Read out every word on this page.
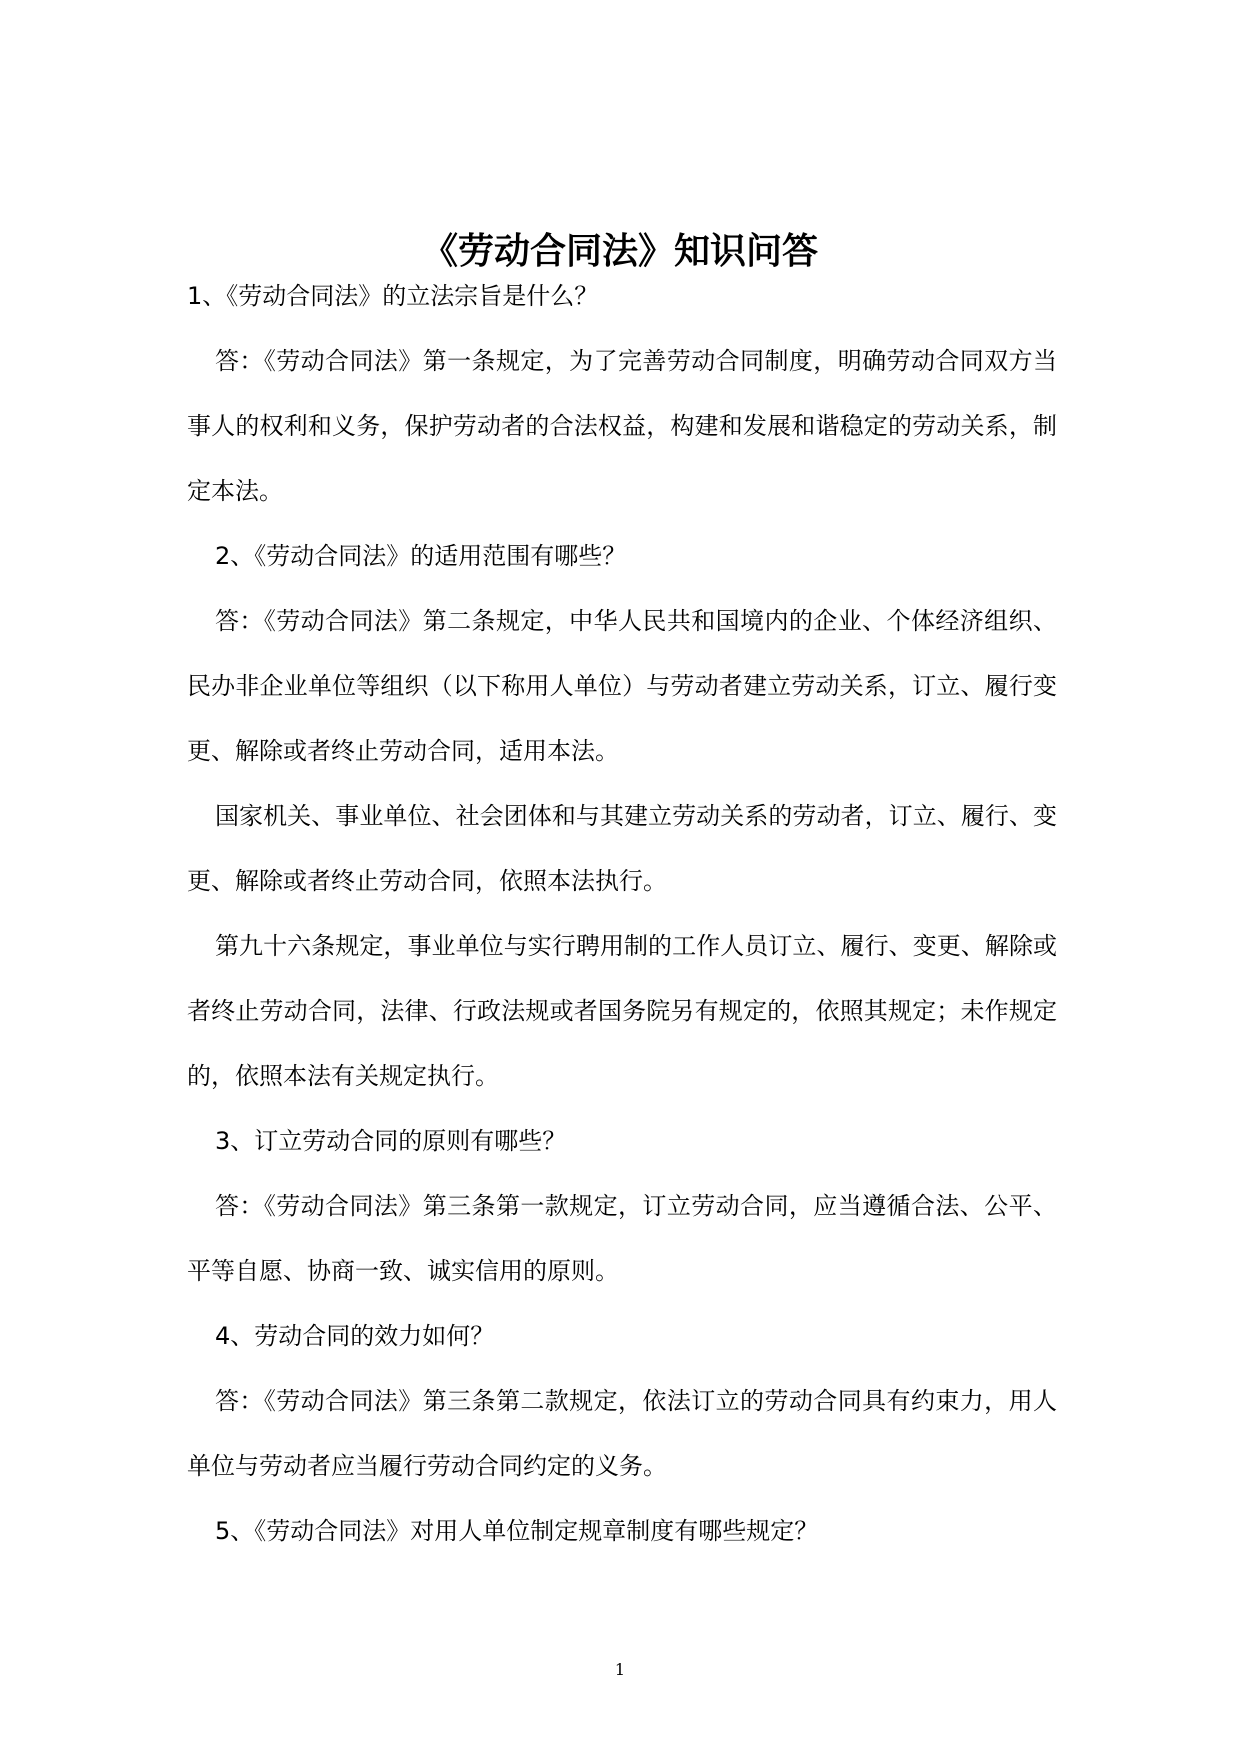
《劳动合同法》知识问答

1、《劳动合同法》的立法宗旨是什么？

答：《劳动合同法》第一条规定，为了完善劳动合同制度，明确劳动合同双方当事人的权利和义务，保护劳动者的合法权益，构建和发展和谐稳定的劳动关系，制定本法。

2、《劳动合同法》的适用范围有哪些？

答：《劳动合同法》第二条规定，中华人民共和国境内的企业、个体经济组织、民办非企业单位等组织（以下称用人单位）与劳动者建立劳动关系，订立、履行变更、解除或者终止劳动合同，适用本法。

国家机关、事业单位、社会团体和与其建立劳动关系的劳动者，订立、履行、变更、解除或者终止劳动合同，依照本法执行。

第九十六条规定，事业单位与实行聘用制的工作人员订立、履行、变更、解除或者终止劳动合同，法律、行政法规或者国务院另有规定的，依照其规定；未作规定的，依照本法有关规定执行。

3、订立劳动合同的原则有哪些？

答：《劳动合同法》第三条第一款规定，订立劳动合同，应当遵循合法、公平、平等自愿、协商一致、诚实信用的原则。

4、劳动合同的效力如何？

答：《劳动合同法》第三条第二款规定，依法订立的劳动合同具有约束力，用人单位与劳动者应当履行劳动合同约定的义务。

5、《劳动合同法》对用人单位制定规章制度有哪些规定？

1
